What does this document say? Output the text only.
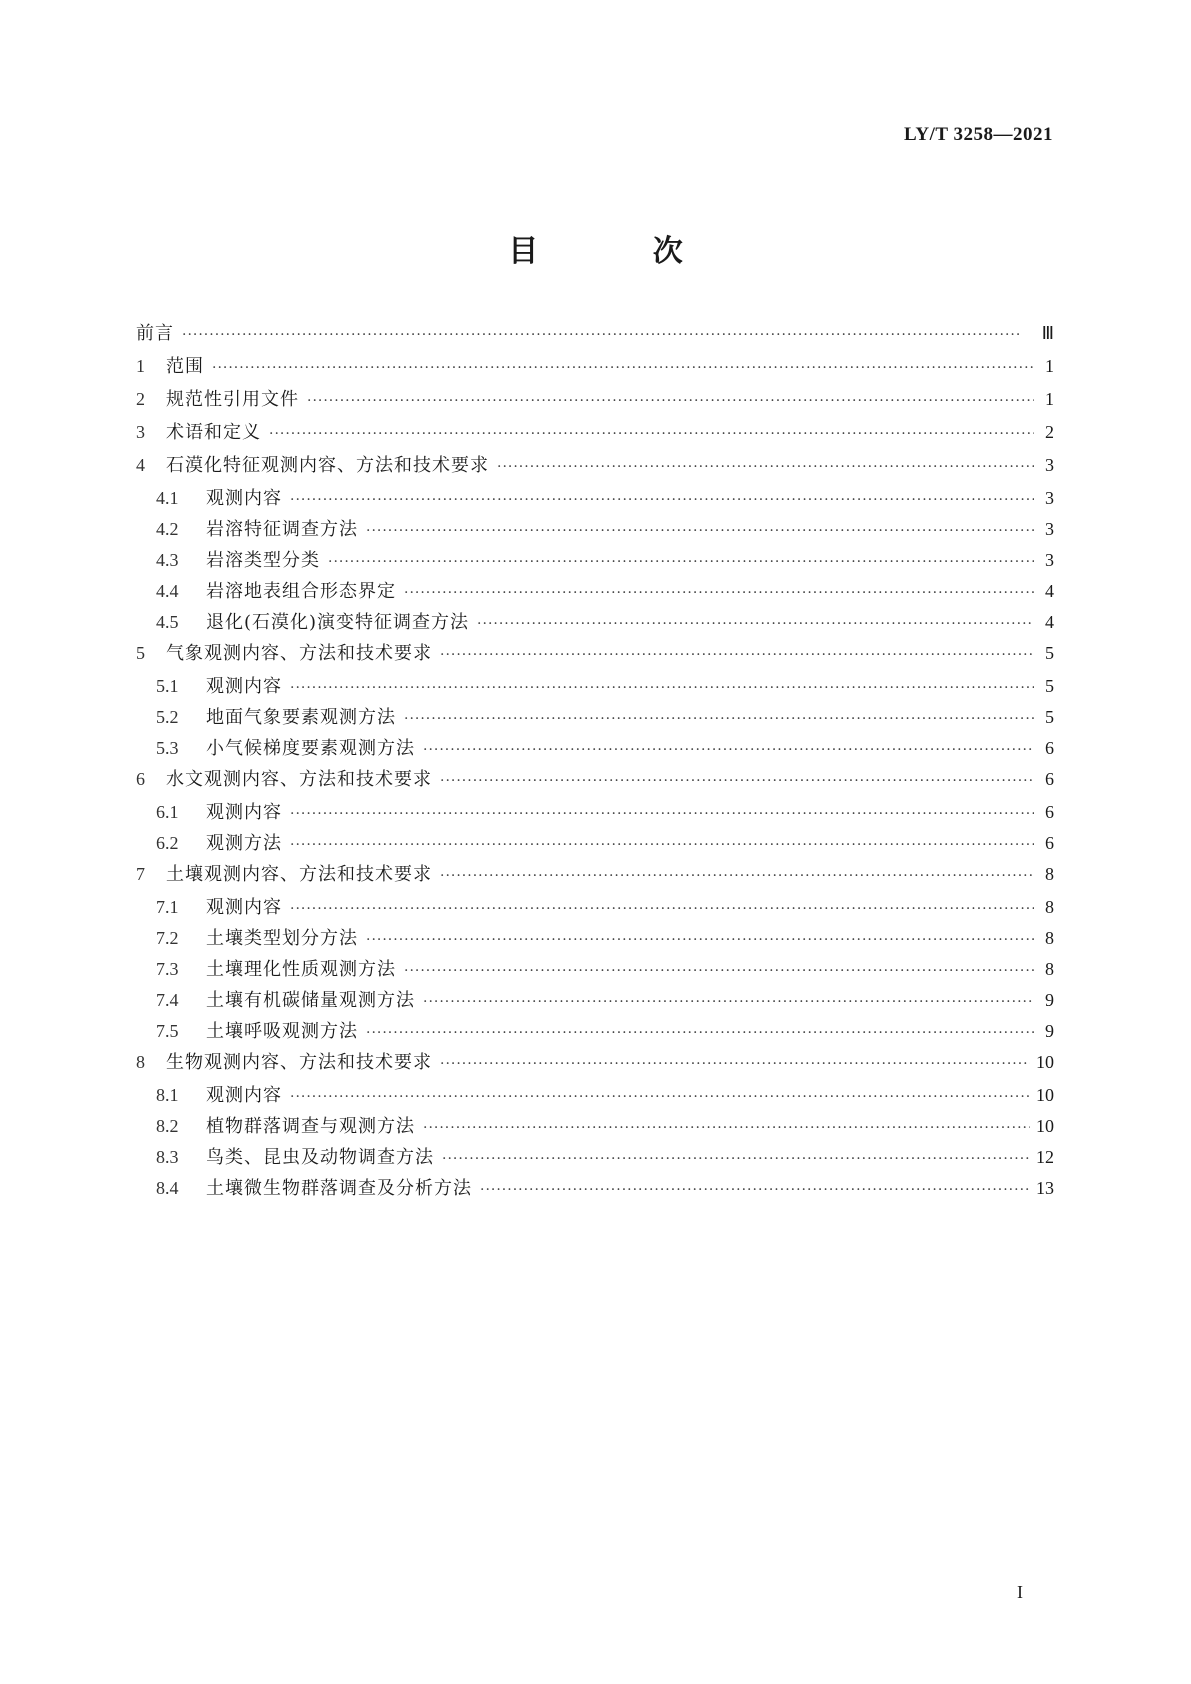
LY/T 3258—2021
目 次
前言 ·····	Ⅲ
1	范围 ·····	1
2	规范性引用文件 ·····	1
3	术语和定义 ·····	2
4	石漠化特征观测内容、方法和技术要求 ·····	3
4.1	观测内容 ·····	3
4.2	岩溶特征调查方法 ·····	3
4.3	岩溶类型分类 ·····	3
4.4	岩溶地表组合形态界定 ·····	4
4.5	退化(石漠化)演变特征调查方法 ·····	4
5	气象观测内容、方法和技术要求 ·····	5
5.1	观测内容 ·····	5
5.2	地面气象要素观测方法 ·····	5
5.3	小气候梯度要素观测方法 ·····	6
6	水文观测内容、方法和技术要求 ·····	6
6.1	观测内容 ·····	6
6.2	观测方法 ·····	6
7	土壤观测内容、方法和技术要求 ·····	8
7.1	观测内容 ·····	8
7.2	土壤类型划分方法 ·····	8
7.3	土壤理化性质观测方法 ·····	8
7.4	土壤有机碳储量观测方法 ·····	9
7.5	土壤呼吸观测方法 ·····	9
8	生物观测内容、方法和技术要求 ·····	10
8.1	观测内容 ·····	10
8.2	植物群落调查与观测方法 ·····	10
8.3	鸟类、昆虫及动物调查方法 ·····	12
8.4	土壤微生物群落调查及分析方法 ·····	13
I
